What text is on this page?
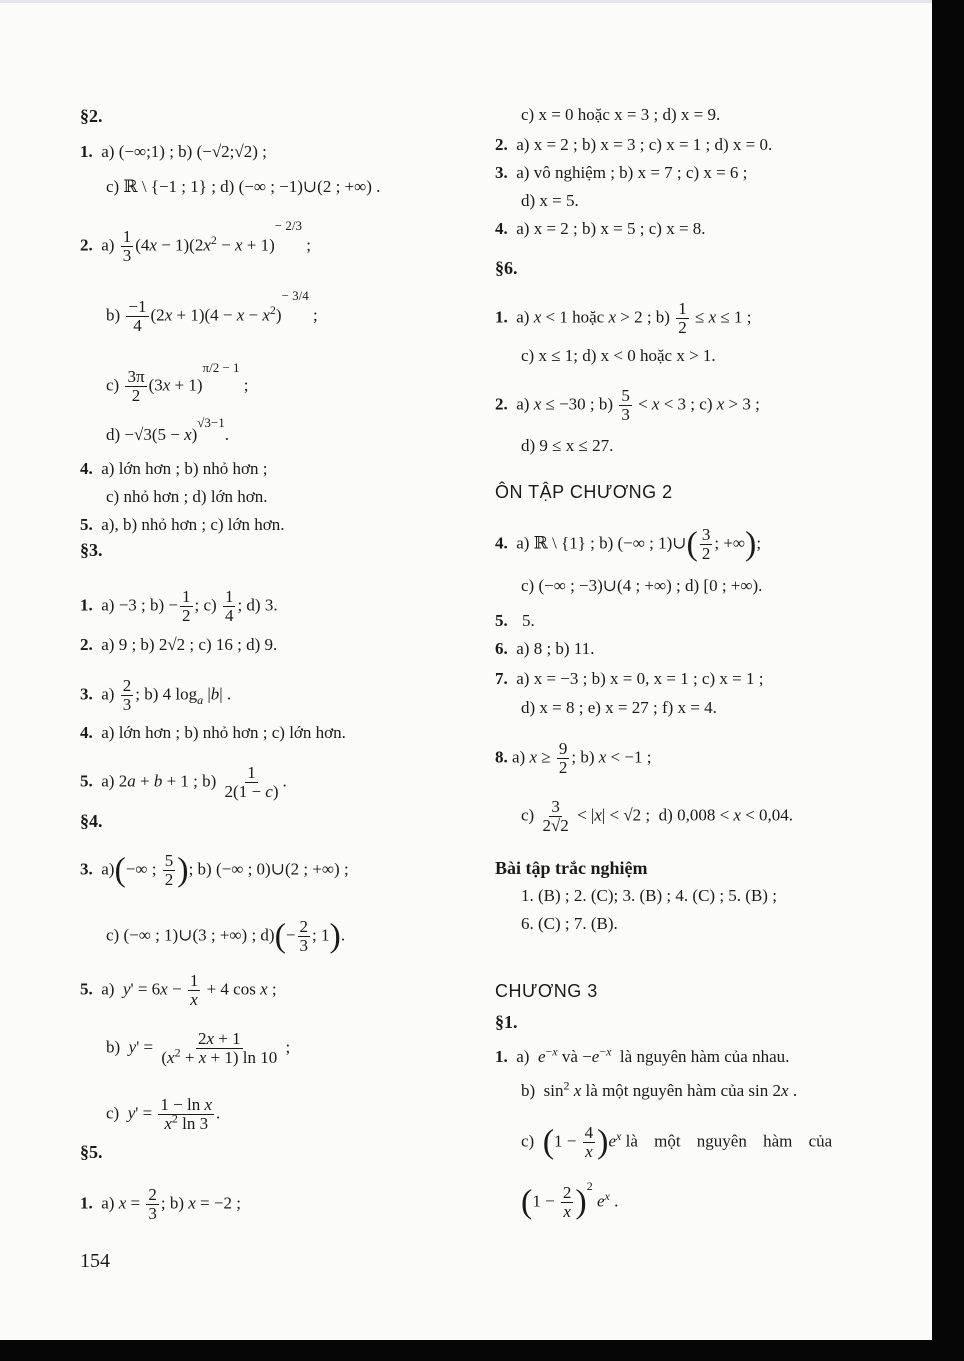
§2.
1. a) (−∞;1) ; b) (−√2;√2) ;
c) ℝ \ {−1 ; 1} ; d) (−∞ ; −1)∪(2 ; +∞) .
2.  $a) \frac{1}{3} (4x - 1)(2x^2 - x + 1)^{- 2/3}$ ;
$b) \frac{-1}{4} (2x + 1)(4 - x - x^2)^{- 3/4}$ ;
$c) \frac{3\pi}{2} (3x + 1)^{\pi/2 - 1}$ ;
$d) -√3(5 - x)^{√3-1}$.
4. a) lớn hơn ; b) nhỏ hơn ;
c) nhỏ hơn ; d) lớn hơn.
5. a), b) nhỏ hơn ; c) lớn hơn.
§3.
1.  a) −3 ; $b) - \frac{1}{2}$ ; $c) \frac{1}{4}$ ; d) 3.
2. a) 9 ; b) 2√2 ; c) 16 ; d) 9.
3.  $a) \frac{2}{3}$ ; b) 4 $\log_a |b|$ .
4. a) lớn hơn ; b) nhỏ hơn ; c) lớn hơn.
5.  a) 2a + b + 1 ; $b) \frac{1}{2(1 - c)}$ .
§4.
3.  a)(−∞ ; $\frac{5}{2}$ ); b) (−∞ ; 0)∪(2 ; +∞) ;
c) (−∞ ; 1)∪(3 ; +∞) ; $d)(- \frac{2}{3}$ ; 1).
5.  a)  $y' = 6x - \frac{1}{x} + 4$ cos x ;
b)  $y' = \frac{2x + 1}{(x^2 + x + 1) \ln 10}$ ;
c)  $y' = \frac{\text{1 − ln x}}{x^2 \ln 3}$ .
§5.
1.  a) $x = \frac{2}{3}$ ; b) x = −2 ;
154
c) x = 0 hoặc x = 3 ; d) x = 9.
2. a) x = 2 ; b) x = 3 ; c) x = 1 ; d) x = 0.
3. a) vô nghiệm ; b) x = 7 ; c) x = 6 ;
d) x = 5.
4. a) x = 2 ; b) x = 5 ; c) x = 8.
§6.
1.  a) x < 1 hoặc x > 2 ; $b) \frac{1}{2} \le x \le 1$ ;
c) x ≤ 1; d) x < 0 hoặc x > 1.
2.  a) x ≤ −30 ; $b) \frac{5}{3} < x < 3$ ; c) x > 3 ;
d) 9 ≤ x ≤ 27.
ÔN TẬP CHƯƠNG 2
4.  a) ℝ \ {1} ; b) (−∞ ; 1)∪( $\frac{3}{2}$ ; +∞);
c) (−∞ ; −3)∪(4 ; +∞) ; d) [0 ; +∞).
5. 5.
6. a) 8 ; b) 11.
7. a) x = −3 ; b) x = 0, x = 1 ; c) x = 1 ;
d) x = 8 ; e) x = 27 ; f) x = 4.
8. a) $x \ge \frac{9}{2}$ ; b) x < −1 ;
$c) \frac{3}{2√2} < |x| < √2$ ;  d) 0,008 < x < 0,04.
Bài tập trắc nghiệm
1. (B) ; 2. (C); 3. (B) ; 4. (C) ; 5. (B) ;
6. (C) ; 7. (B).
CHƯƠNG 3
§1.
1.  a)  $e^{-x}$ và $-e^{-x}$ là nguyên hàm của nhau.
b)  $\sin^2 x$ là một nguyên hàm của sin 2x .
c)  $(1 - \frac{4}{x} )e^x$ là một nguyên hàm của
$(1 - \frac{2}{x} )^2$ $e^x$ .
